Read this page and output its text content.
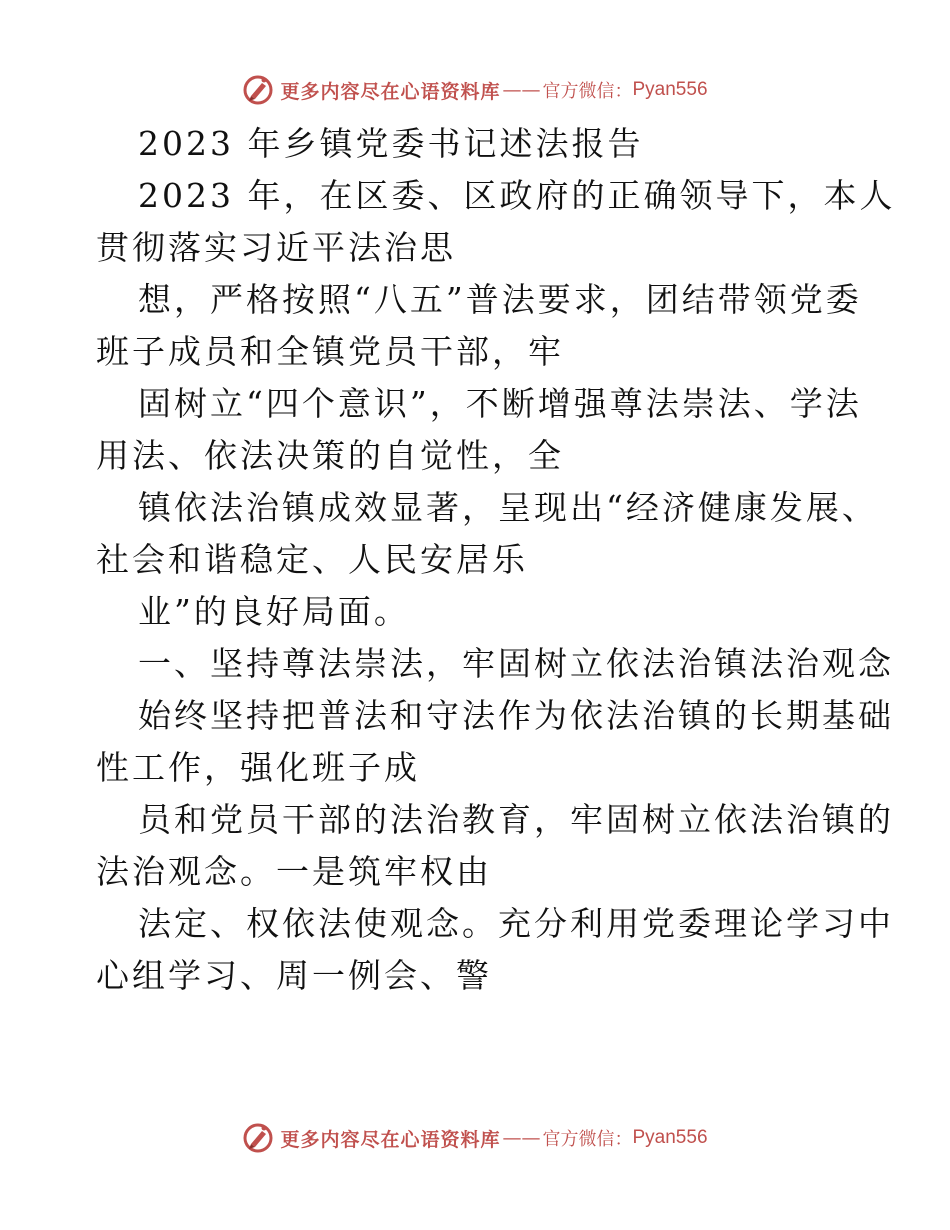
更多内容尽在心语资料库 —— 官方微信： Pyan556
2023 年乡镇党委书记述法报告
2023 年，在区委、区政府的正确领导下，本人
贯彻落实习近平法治思
想，严格按照“八五”普法要求，团结带领党委
班子成员和全镇党员干部，牢
固树立“四个意识”，不断增强尊法崇法、学法
用法、依法决策的自觉性，全
镇依法治镇成效显著，呈现出“经济健康发展、
社会和谐稳定、人民安居乐
业”的良好局面。
一、坚持尊法崇法，牢固树立依法治镇法治观念
始终坚持把普法和守法作为依法治镇的长期基础
性工作，强化班子成
员和党员干部的法治教育，牢固树立依法治镇的
法治观念。一是筑牢权由
法定、权依法使观念。充分利用党委理论学习中
心组学习、周一例会、警
更多内容尽在心语资料库 —— 官方微信： Pyan556
